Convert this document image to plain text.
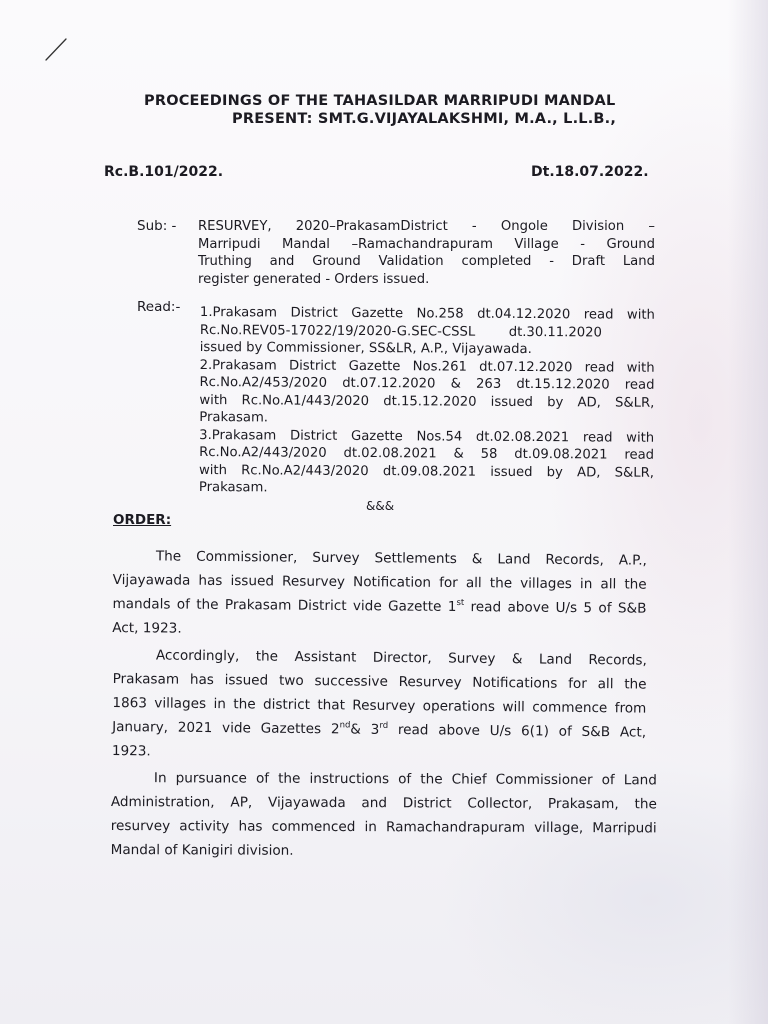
PROCEEDINGS OF THE TAHASILDAR MARRIPUDI MANDAL
PRESENT: SMT.G.VIJAYALAKSHMI, M.A., L.L.B.,
Rc.B.101/2022.	Dt.18.07.2022.
Sub: - RESURVEY, 2020–PrakasamDistrict - Ongole Division –
Marripudi Mandal –Ramachandrapuram Village - Ground
Truthing and Ground Validation completed - Draft Land
register generated - Orders issued.
Read:- 1.Prakasam District Gazette No.258 dt.04.12.2020 read with
Rc.No.REV05-17022/19/2020-G.SEC-CSSL        dt.30.11.2020
issued by Commissioner, SS&LR, A.P., Vijayawada.
2.Prakasam District Gazette Nos.261 dt.07.12.2020 read with
Rc.No.A2/453/2020 dt.07.12.2020 & 263 dt.15.12.2020 read
with Rc.No.A1/443/2020 dt.15.12.2020 issued by AD, S&LR,
Prakasam.
3.Prakasam District Gazette Nos.54 dt.02.08.2021 read with
Rc.No.A2/443/2020 dt.02.08.2021 & 58 dt.09.08.2021 read
with Rc.No.A2/443/2020 dt.09.08.2021 issued by AD, S&LR,
Prakasam.
&&&
ORDER:
The Commissioner, Survey Settlements & Land Records, A.P.,
Vijayawada has issued Resurvey Notification for all the villages in all the
mandals of the Prakasam District vide Gazette 1st read above U/s 5 of S&B
Act, 1923.
Accordingly, the Assistant Director, Survey & Land Records,
Prakasam has issued two successive Resurvey Notifications for all the
1863 villages in the district that Resurvey operations will commence from
January, 2021 vide Gazettes 2nd& 3rd read above U/s 6(1) of S&B Act,
1923.
In pursuance of the instructions of the Chief Commissioner of Land
Administration, AP, Vijayawada and District Collector, Prakasam, the
resurvey activity has commenced in Ramachandrapuram village, Marripudi
Mandal of Kanigiri division.
